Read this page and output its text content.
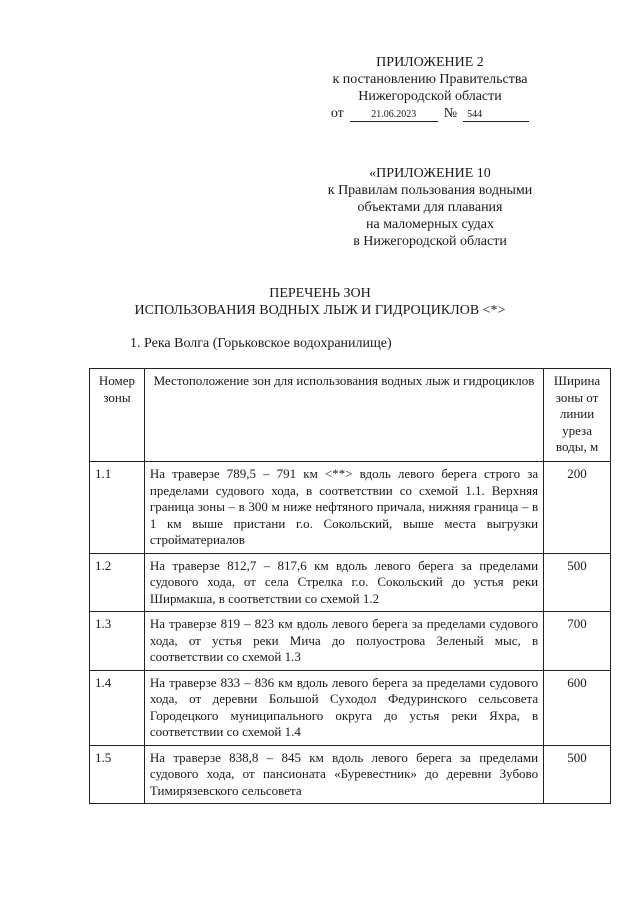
ПРИЛОЖЕНИЕ 2
к постановлению Правительства
Нижегородской области
от	21.06.2023	№	544
«ПРИЛОЖЕНИЕ 10
к Правилам пользования водными
объектами для плавания
на маломерных судах
в Нижегородской области
ПЕРЕЧЕНЬ ЗОН
ИСПОЛЬЗОВАНИЯ ВОДНЫХ ЛЫЖ И ГИДРОЦИКЛОВ <*>
1. Река Волга (Горьковское водохранилище)
Номер зоны	Местоположение зон для использования водных лыж и гидроциклов	Ширина зоны от линии уреза воды, м
1.1	На траверзе 789,5 – 791 км <**> вдоль левого берега строго за пределами судового хода, в соответствии со схемой 1.1. Верхняя граница зоны – в 300 м ниже нефтяного причала, нижняя граница – в 1 км выше пристани г.о. Сокольский, выше места выгрузки стройматериалов	200
1.2	На траверзе 812,7 – 817,6 км вдоль левого берега за пределами судового хода, от села Стрелка г.о. Сокольский до устья реки Ширмакша, в соответствии со схемой 1.2	500
1.3	На траверзе 819 – 823 км вдоль левого берега за пределами судового хода, от устья реки Мича до полуострова Зеленый мыс, в соответствии со схемой 1.3	700
1.4	На траверзе 833 – 836 км вдоль левого берега за пределами судового хода, от деревни Большой Суходол Федуринского сельсовета Городецкого муниципального округа до устья реки Яхра, в соответствии со схемой 1.4	600
1.5	На траверзе 838,8 – 845 км вдоль левого берега за пределами судового хода, от пансионата «Буревестник» до деревни Зубово Тимирязевского сельсовета	500
